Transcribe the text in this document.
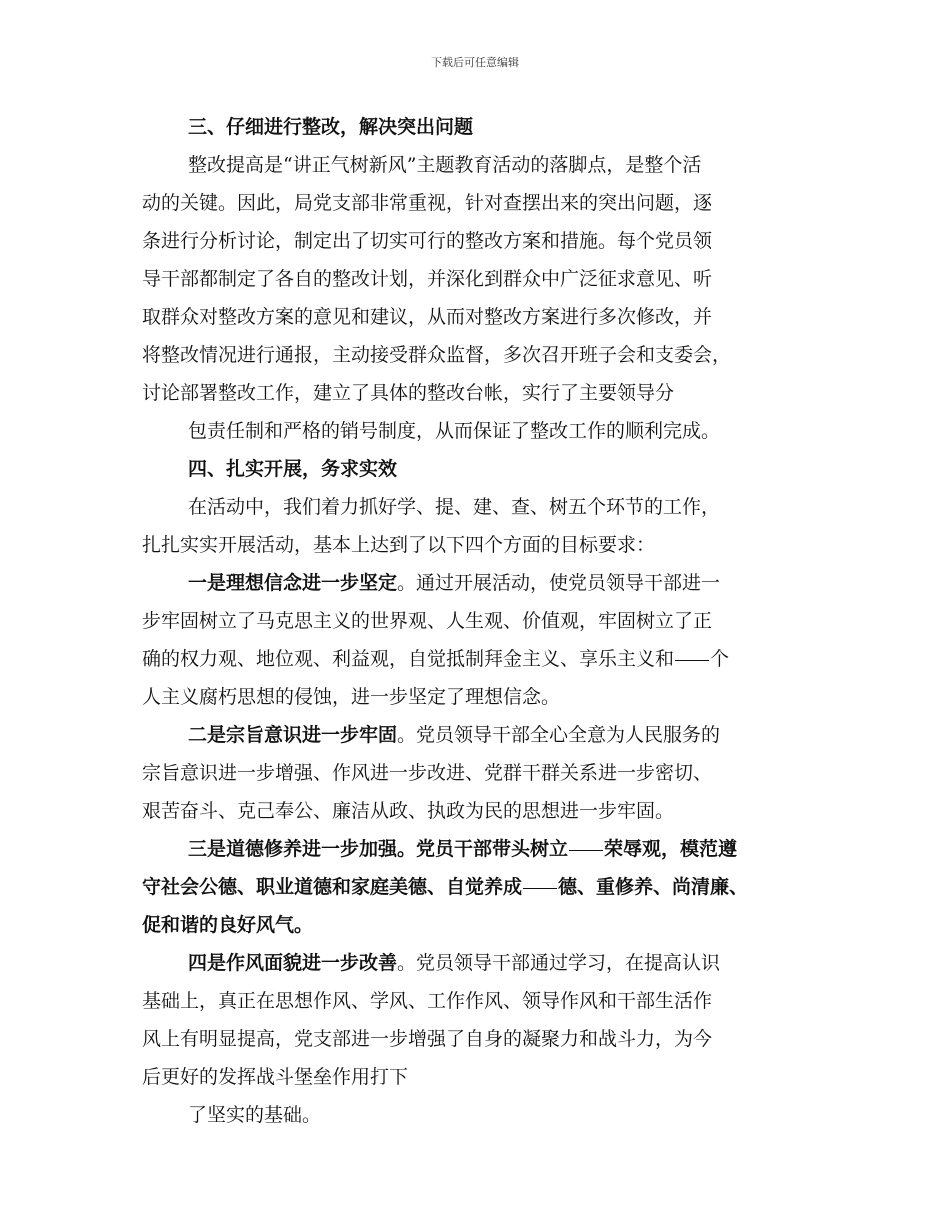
下载后可任意编辑
三、仔细进行整改，解决突出问题
整改提高是“讲正气树新风”主题教育活动的落脚点，是整个活
动的关键。因此，局党支部非常重视，针对查摆出来的突出问题，逐
条进行分析讨论，制定出了切实可行的整改方案和措施。每个党员领
导干部都制定了各自的整改计划，并深化到群众中广泛征求意见、听
取群众对整改方案的意见和建议，从而对整改方案进行多次修改，并
将整改情况进行通报，主动接受群众监督，多次召开班子会和支委会，
讨论部署整改工作，建立了具体的整改台帐，实行了主要领导分
包责任制和严格的销号制度，从而保证了整改工作的顺利完成。
四、扎实开展，务求实效
在活动中，我们着力抓好学、提、建、查、树五个环节的工作，
扎扎实实开展活动，基本上达到了以下四个方面的目标要求：
一是理想信念进一步坚定。通过开展活动，使党员领导干部进一
步牢固树立了马克思主义的世界观、人生观、价值观，牢固树立了正
确的权力观、地位观、利益观，自觉抵制拜金主义、享乐主义和 个
人主义腐朽思想的侵蚀，进一步坚定了理想信念。
二是宗旨意识进一步牢固。党员领导干部全心全意为人民服务的
宗旨意识进一步增强、作风进一步改进、党群干群关系进一步密切、
艰苦奋斗、克己奉公、廉洁从政、执政为民的思想进一步牢固。
三是道德修养进一步加强。党员干部带头树立 荣辱观，模范遵
守社会公德、职业道德和家庭美德、自觉养成 德、重修养、尚清廉、
促和谐的良好风气。
四是作风面貌进一步改善。党员领导干部通过学习，在提高认识
基础上，真正在思想作风、学风、工作作风、领导作风和干部生活作
风上有明显提高，党支部进一步增强了自身的凝聚力和战斗力，为今
后更好的发挥战斗堡垒作用打下
了坚实的基础。
